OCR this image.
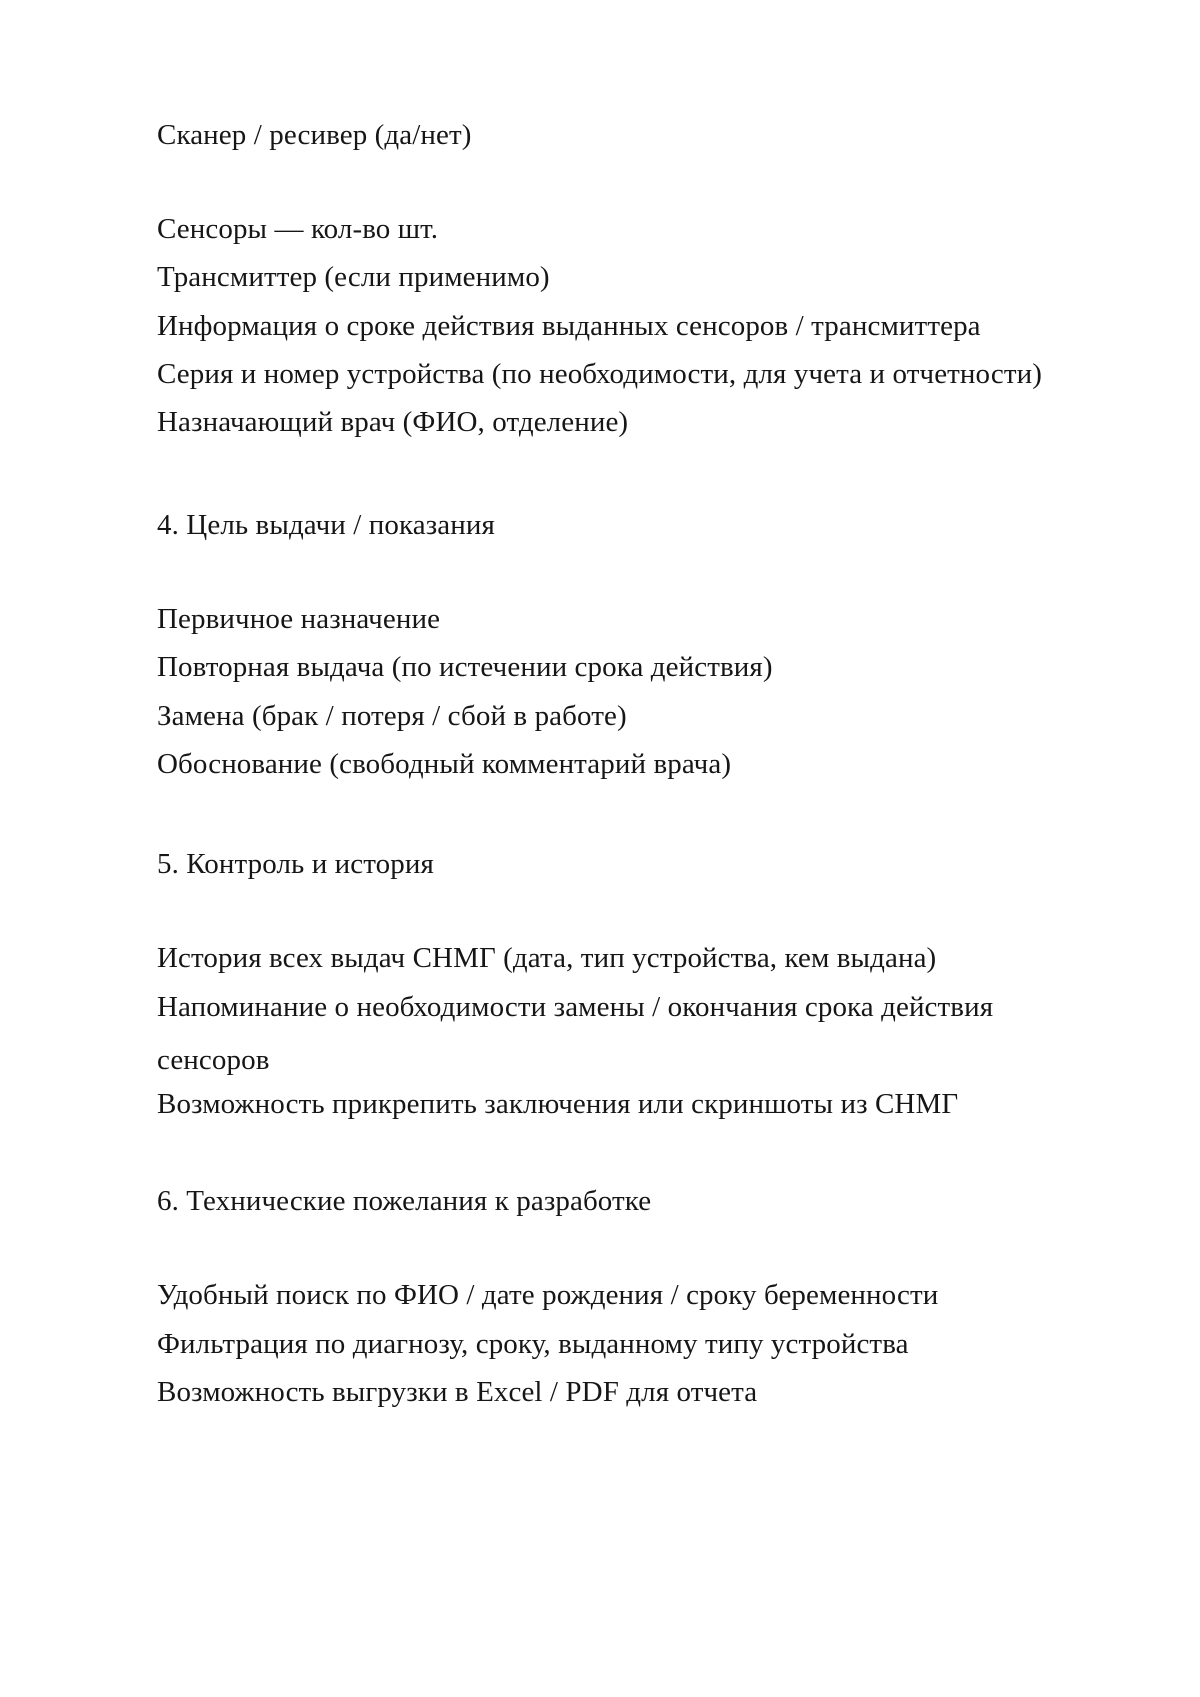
Сканер / ресивер (да/нет)
Сенсоры — кол-во шт.
Трансмиттер (если применимо)
Информация о сроке действия выданных сенсоров / трансмиттера
Серия и номер устройства (по необходимости, для учета и отчетности)
Назначающий врач (ФИО, отделение)
4. Цель выдачи / показания
Первичное назначение
Повторная выдача (по истечении срока действия)
Замена (брак / потеря / сбой в работе)
Обоснование (свободный комментарий врача)
5. Контроль и история
История всех выдач СНМГ (дата, тип устройства, кем выдана)
Напоминание о необходимости замены / окончания срока действия
сенсоров
Возможность прикрепить заключения или скриншоты из СНМГ
6. Технические пожелания к разработке
Удобный поиск по ФИО / дате рождения / сроку беременности
Фильтрация по диагнозу, сроку, выданному типу устройства
Возможность выгрузки в Excel / PDF для отчета
